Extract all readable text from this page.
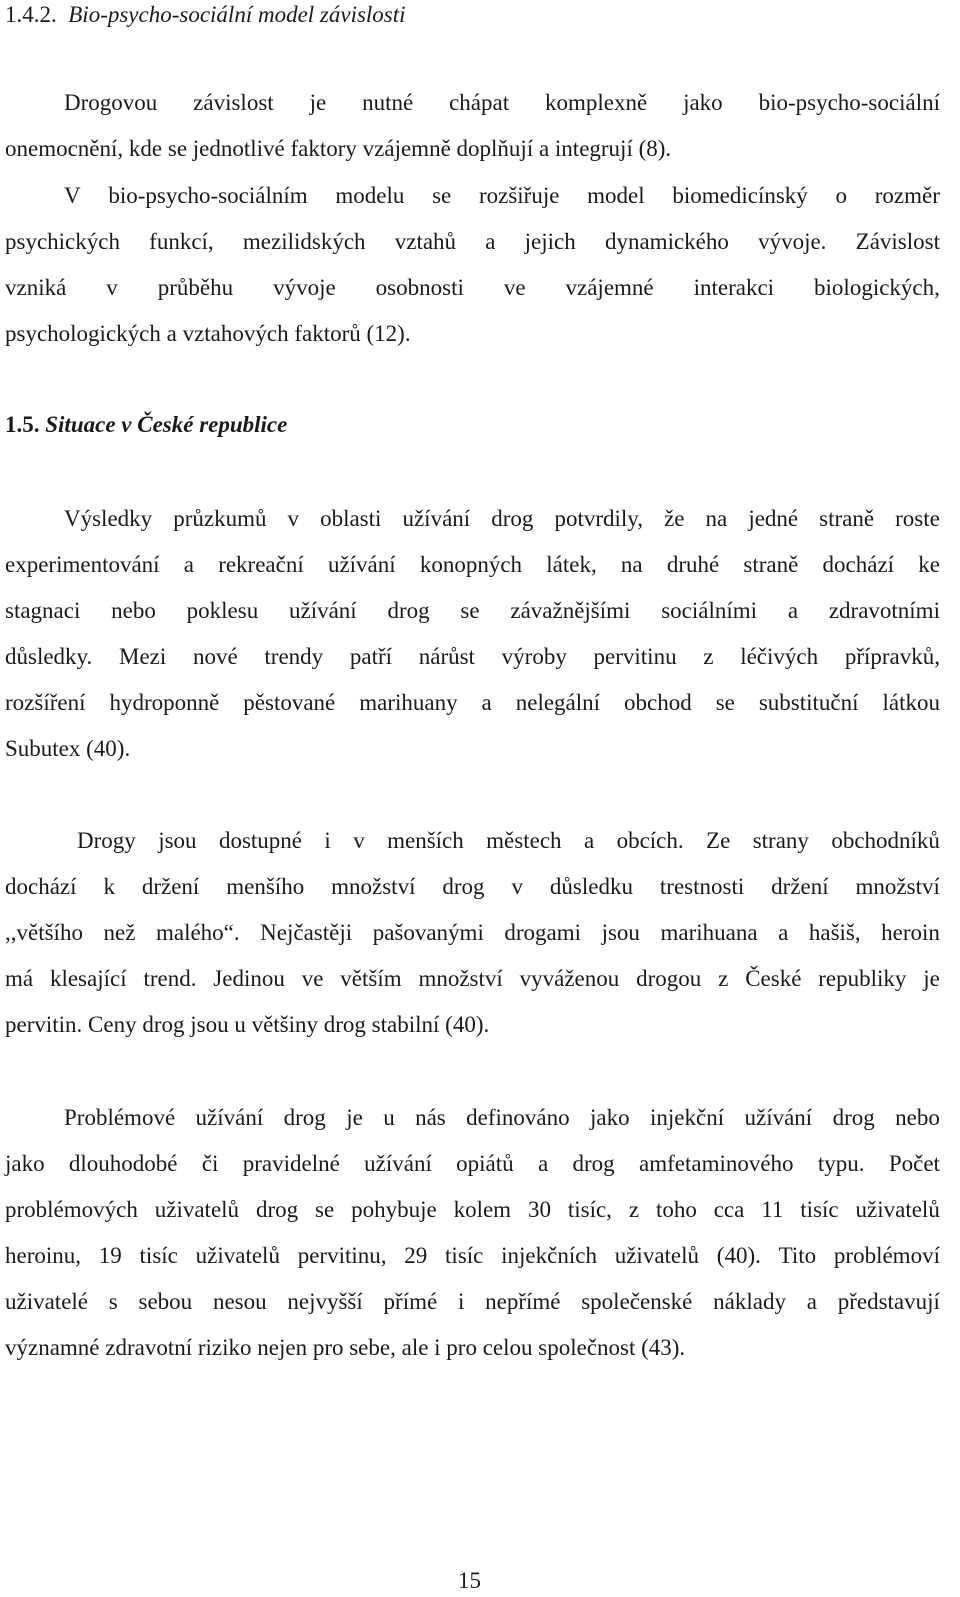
1.4.2. Bio-psycho-sociální model závislosti
Drogovou závislost je nutné chápat komplexně jako bio-psycho-sociální
onemocnění, kde se jednotlivé faktory vzájemně doplňují a integrují (8).
V bio-psycho-sociálním modelu se rozšiřuje model biomedicínský o rozměr
psychických funkcí, mezilidských vztahů a jejich dynamického vývoje. Závislost
vzniká v průběhu vývoje osobnosti ve vzájemné interakci biologických,
psychologických a vztahových faktorů (12).
1.5. Situace v České republice
Výsledky průzkumů v oblasti užívání drog potvrdily, že na jedné straně roste
experimentování a rekreační užívání konopných látek, na druhé straně dochází ke
stagnaci nebo poklesu užívání drog se závažnějšími sociálními a zdravotními
důsledky. Mezi nové trendy patří nárůst výroby pervitinu z léčivých přípravků,
rozšíření hydroponně pěstované marihuany a nelegální obchod se substituční látkou
Subutex (40).
Drogy jsou dostupné i v menších městech a obcích. Ze strany obchodníků
dochází k držení menšího množství drog v důsledku trestnosti držení množství
,,většího než malého“. Nejčastěji pašovanými drogami jsou marihuana a hašiš, heroin
má klesající trend. Jedinou ve větším množství vyváženou drogou z České republiky je
pervitin. Ceny drog jsou u většiny drog stabilní (40).
Problémové užívání drog je u nás definováno jako injekční užívání drog nebo
jako dlouhodobé či pravidelné užívání opiátů a drog amfetaminového typu. Počet
problémových uživatelů drog se pohybuje kolem 30 tisíc, z toho cca 11 tisíc uživatelů
heroinu, 19 tisíc uživatelů pervitinu, 29 tisíc injekčních uživatelů (40). Tito problémoví
uživatelé s sebou nesou nejvyšší přímé i nepřímé společenské náklady a představují
významné zdravotní riziko nejen pro sebe, ale i pro celou společnost (43).
15
